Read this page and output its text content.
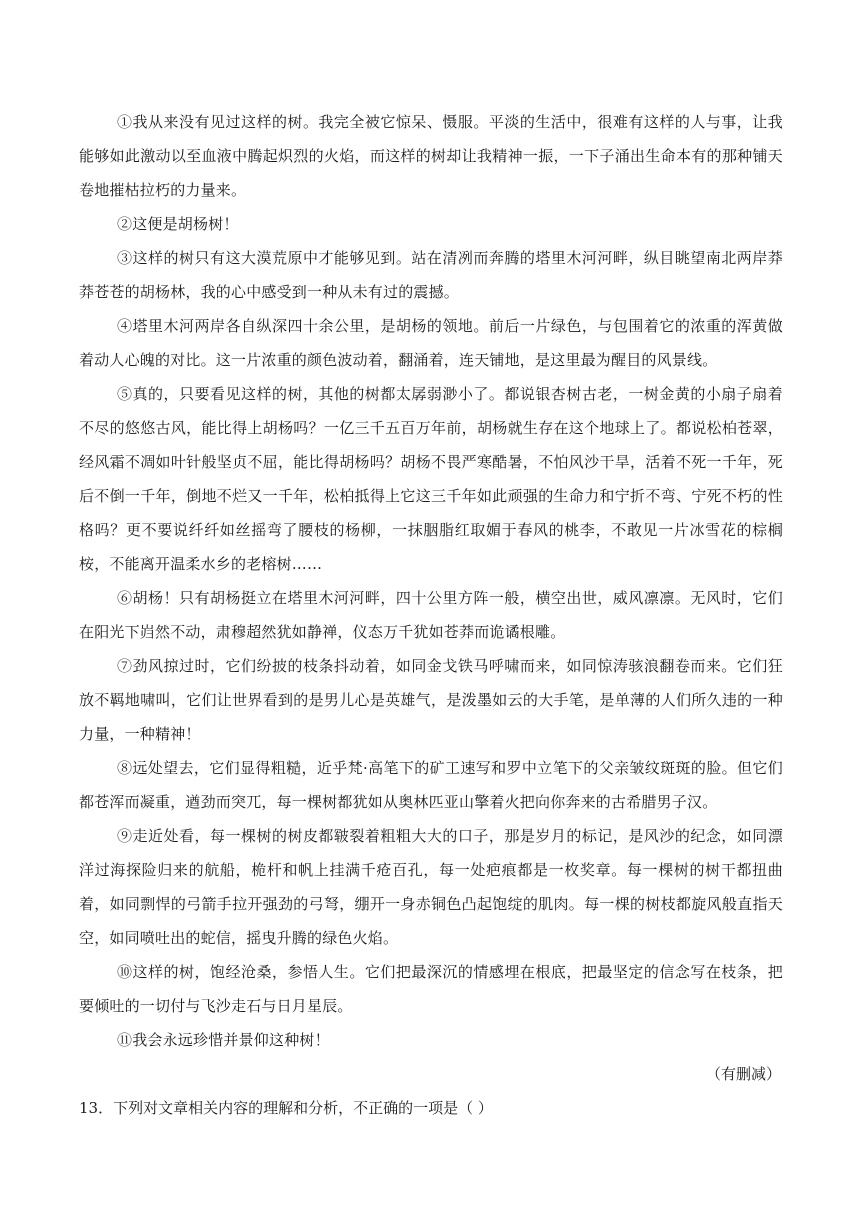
①我从来没有见过这样的树。我完全被它惊呆、慑服。平淡的生活中，很难有这样的人与事，让我能够如此激动以至血液中腾起炽烈的火焰，而这样的树却让我精神一振，一下子涌出生命本有的那种铺天卷地摧枯拉朽的力量来。

②这便是胡杨树！

③这样的树只有这大漠荒原中才能够见到。站在清冽而奔腾的塔里木河河畔，纵目眺望南北两岸莽莽苍苍的胡杨林，我的心中感受到一种从未有过的震撼。

④塔里木河两岸各自纵深四十余公里，是胡杨的领地。前后一片绿色，与包围着它的浓重的浑黄做着动人心魄的对比。这一片浓重的颜色波动着，翻涌着，连天铺地，是这里最为醒目的风景线。

⑤真的，只要看见这样的树，其他的树都太孱弱渺小了。都说银杏树古老，一树金黄的小扇子扇着不尽的悠悠古风，能比得上胡杨吗？一亿三千五百万年前，胡杨就生存在这个地球上了。都说松柏苍翠，经风霜不凋如叶针般坚贞不屈，能比得胡杨吗？胡杨不畏严寒酷暑，不怕风沙干旱，活着不死一千年，死后不倒一千年，倒地不烂又一千年，松柏抵得上它这三千年如此顽强的生命力和宁折不弯、宁死不朽的性格吗？更不要说纤纤如丝摇弯了腰枝的杨柳，一抹胭脂红取媚于春风的桃李，不敢见一片冰雪花的棕榈桉，不能离开温柔水乡的老榕树……

⑥胡杨！只有胡杨挺立在塔里木河河畔，四十公里方阵一般，横空出世，威风凛凛。无风时，它们在阳光下岿然不动，肃穆超然犹如静禅，仪态万千犹如苍莽而诡谲根雕。

⑦劲风掠过时，它们纷披的枝条抖动着，如同金戈铁马呼啸而来，如同惊涛骇浪翻卷而来。它们狂放不羁地啸叫，它们让世界看到的是男儿心是英雄气，是泼墨如云的大手笔，是单薄的人们所久违的一种力量，一种精神！

⑧远处望去，它们显得粗糙，近乎梵·高笔下的矿工速写和罗中立笔下的父亲皱纹斑斑的脸。但它们都苍浑而凝重，遒劲而突兀，每一棵树都犹如从奥林匹亚山擎着火把向你奔来的古希腊男子汉。

⑨走近处看，每一棵树的树皮都皲裂着粗粗大大的口子，那是岁月的标记，是风沙的纪念，如同漂洋过海探险归来的航船，桅杆和帆上挂满千疮百孔，每一处疤痕都是一枚奖章。每一棵树的树干都扭曲着，如同剽悍的弓箭手拉开强劲的弓弩，绷开一身赤铜色凸起饱绽的肌肉。每一棵的树枝都旋风般直指天空，如同喷吐出的蛇信，摇曳升腾的绿色火焰。

⑩这样的树，饱经沧桑，参悟人生。它们把最深沉的情感埋在根底，把最坚定的信念写在枝条，把要倾吐的一切付与飞沙走石与日月星辰。

⑪我会永远珍惜并景仰这种树！

（有删减）

13．下列对文章相关内容的理解和分析，不正确的一项是（ ）
